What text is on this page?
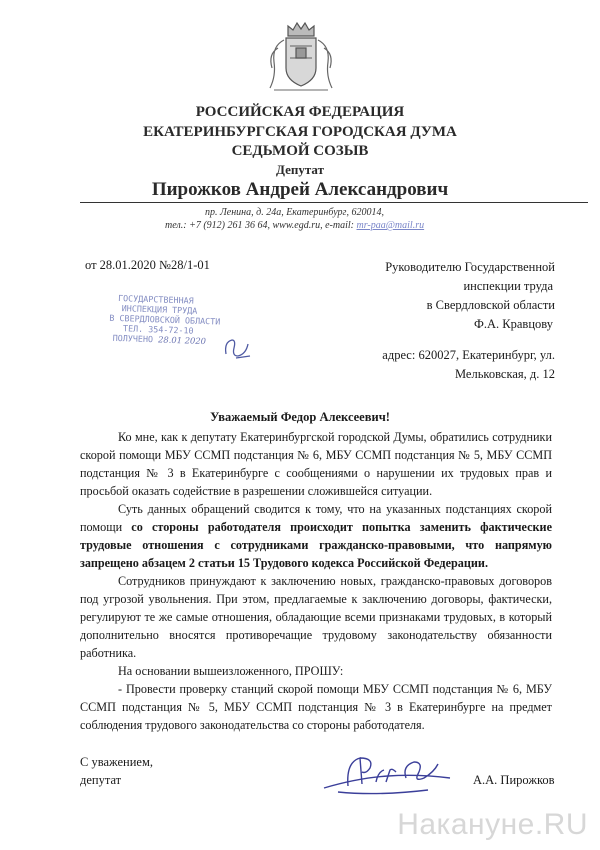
РОССИЙСКАЯ ФЕДЕРАЦИЯ
ЕКАТЕРИНБУРГСКАЯ ГОРОДСКАЯ ДУМА
СЕДЬМОЙ СОЗЫВ
Депутат
Пирожков Андрей Александрович
пр. Ленина, д. 24а, Екатеринбург, 620014,
тел.: +7 (912) 261 36 64, www.egd.ru, e-mail: mr-paa@mail.ru
от 28.01.2020 №28/1-01	Руководителю Государственной
инспекции труда
в Свердловской области
Ф.А. Кравцову
адрес: 620027, Екатеринбург, ул.
Мельковская, д. 12
ГОСУДАРСТВЕННАЯ
ИНСПЕКЦИЯ ТРУДА
В СВЕРДЛОВСКОЙ ОБЛАСТИ
ТЕЛ. 354-72-10
ПОЛУЧЕНО 28.01 2020
Уважаемый Федор Алексеевич!
Ко мне, как к депутату Екатеринбургской городской Думы, обратились сотрудники скорой помощи МБУ ССМП подстанция № 6, МБУ ССМП подстанция № 5, МБУ ССМП подстанция № 3 в Екатеринбурге с сообщениями о нарушении их трудовых прав и просьбой оказать содействие в разрешении сложившейся ситуации.
Суть данных обращений сводится к тому, что на указанных подстанциях скорой помощи со стороны работодателя происходит попытка заменить фактические трудовые отношения с сотрудниками гражданско-правовыми, что напрямую запрещено абзацем 2 статьи 15 Трудового кодекса Российской Федерации.
Сотрудников принуждают к заключению новых, гражданско-правовых договоров под угрозой увольнения. При этом, предлагаемые к заключению договоры, фактически, регулируют те же самые отношения, обладающие всеми признаками трудовых, в который дополнительно вносятся противоречащие трудовому законодательству обязанности работника.
На основании вышеизложенного, ПРОШУ:
- Провести проверку станций скорой помощи МБУ ССМП подстанция № 6, МБУ ССМП подстанция № 5, МБУ ССМП подстанция № 3 в Екатеринбурге на предмет соблюдения трудового законодательства со стороны работодателя.
С уважением,
депутат	А.А. Пирожков
Накануне.RU
